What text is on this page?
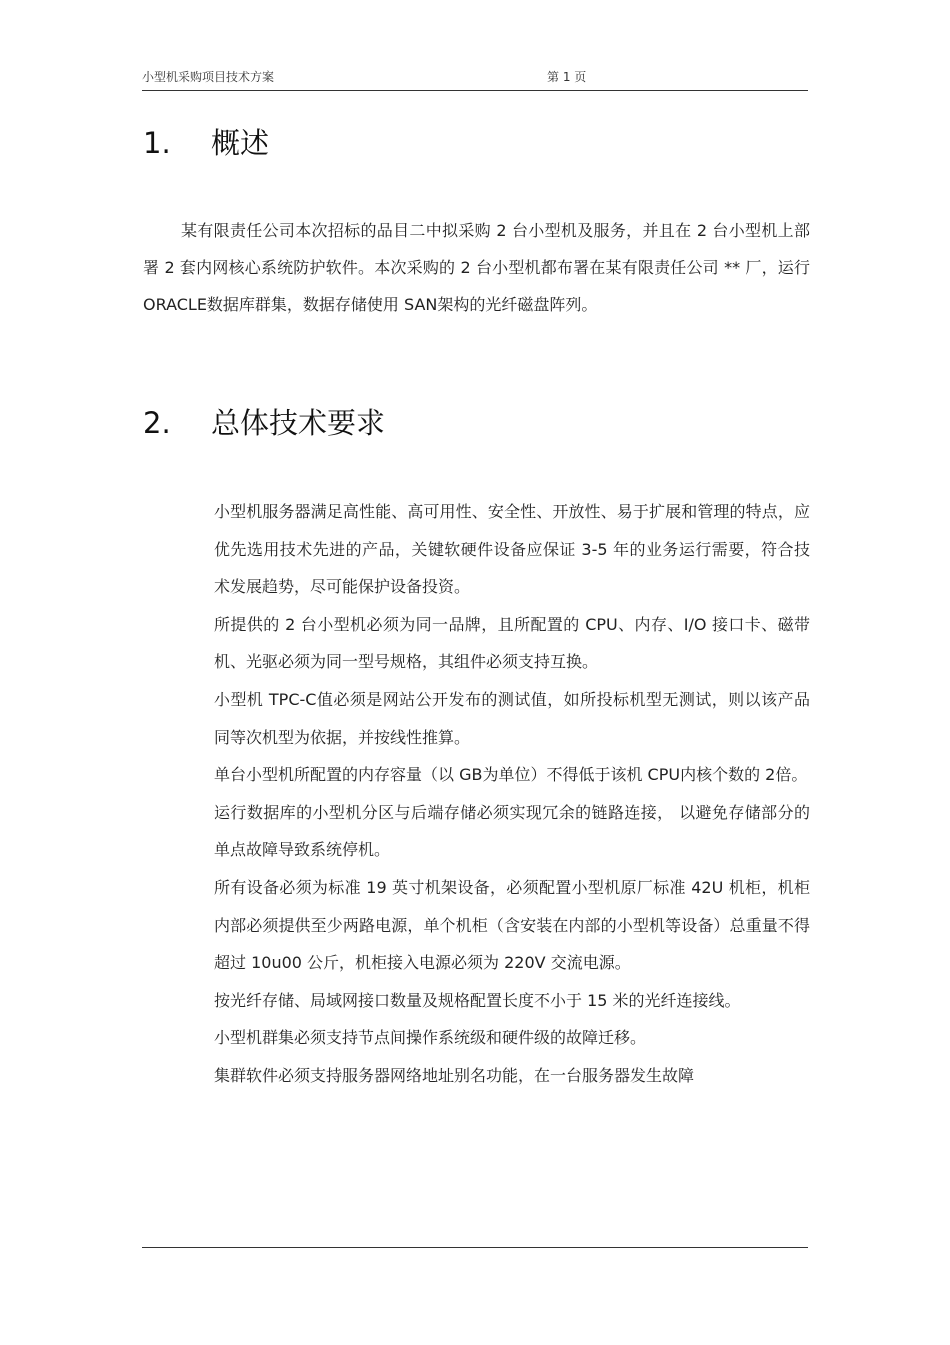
小型机采购项目技术方案	第 1 页
1. 概述

某有限责任公司本次招标的品目二中拟采购 2 台小型机及服务，并且在 2 台小型机上部署 2 套内网核心系统防护软件。本次采购的 2 台小型机都布署在某有限责任公司 ** 厂，运行 ORACLE数据库群集，数据存储使用 SAN架构的光纤磁盘阵列。

2. 总体技术要求
小型机服务器满足高性能、高可用性、安全性、开放性、易于扩展和管理的特点，应优先选用技术先进的产品，关键软硬件设备应保证 3-5 年的业务运行需要，符合技术发展趋势，尽可能保护设备投资。
所提供的 2 台小型机必须为同一品牌，且所配置的 CPU、内存、I/O 接口卡、磁带机、光驱必须为同一型号规格，其组件必须支持互换。
小型机 TPC-C值必须是网站公开发布的测试值，如所投标机型无测试，则以该产品同等次机型为依据，并按线性推算。
单台小型机所配置的内存容量（以 GB为单位）不得低于该机 CPU内核个数的 2倍。
运行数据库的小型机分区与后端存储必须实现冗余的链路连接， 以避免存储部分的单点故障导致系统停机。
所有设备必须为标准 19 英寸机架设备，必须配置小型机原厂标准 42U 机柜，机柜内部必须提供至少两路电源，单个机柜（含安装在内部的小型机等设备）总重量不得超过 10u00 公斤，机柜接入电源必须为 220V 交流电源。
按光纤存储、局域网接口数量及规格配置长度不小于 15 米的光纤连接线。
小型机群集必须支持节点间操作系统级和硬件级的故障迁移。
集群软件必须支持服务器网络地址别名功能，在一台服务器发生故障
